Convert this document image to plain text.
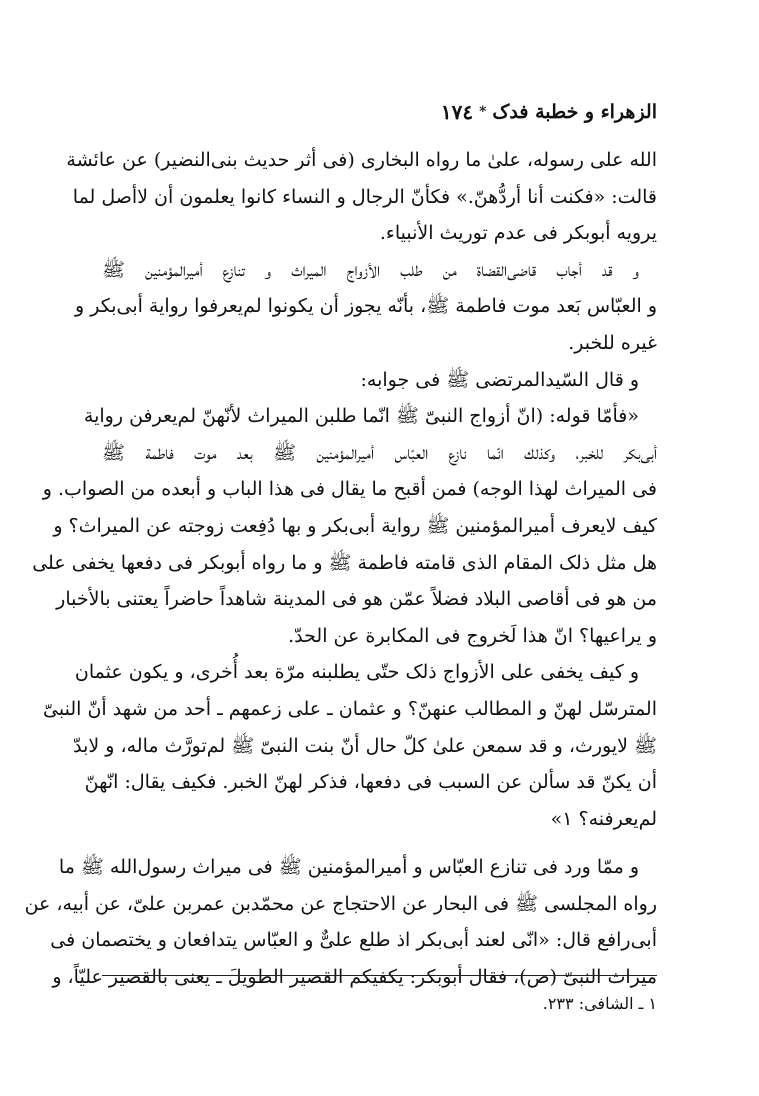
الزهراء و خطبة فدک*١٧٤
الله على رسوله، علىٰ ما رواه البخارى (فى أثر حديث بنى‌النضير) عن عائشة
قالت: «فكنت أنا أردُّهنّ.» فكأنّ الرجال و النساء كانوا يعلمون أن لاأصل لما
يرويه أبوبكر فى عدم توريث الأنبياء.
و قد أجاب قاضى‌القضاة من طلب الأزواج الميراث و تنازع أميرالمؤمنين ﷺ
و العبّاس بَعد موت فاطمة ﷺ، بأنّه يجوز أن يكونوا لم‌يعرفوا رواية أبى‌بكر و
غيره للخبر.
و قال السّيدالمرتضى ﷺ فى جوابه:
«فأمّا قوله: (انّ أزواج النبىّ ﷺ انّما طلبن الميراث لأنّهنّ لم‌يعرفن رواية
أبى‌بكر للخبر، وكذلك انّما نازع العبّاس أميرالمؤمنين ﷺ بعد موت فاطمة ﷺ
فى الميراث لهذا الوجه) فمن أقبح ما يقال فى هذا الباب و أبعده من الصواب. و
كيف لايعرف أميرالمؤمنين ﷺ رواية أبى‌بكر و بها دُفِعت زوجته عن الميراث؟ و
هل مثل ذلک المقام الذى قامته فاطمة ﷺ و ما رواه أبوبكر فى دفعها يخفى على
من هو فى أقاصى البلاد فضلاً عمّن هو فى المدينة شاهداً حاضراً يعتنى بالأخبار
و يراعيها؟ انّ هذا لَخروج فى المكابرة عن الحدّ.
و كيف يخفى على الأزواج ذلک حتّى يطلبنه مرّة بعد أُخرى، و يكون عثمان
المترسّل لهنّ و المطالب عنهنّ؟ و عثمان ـ على زعمهم ـ أحد من شهد أنّ النبىّ
ﷺ لايورث، و قد سمعن علىٰ كلّ حال أنّ بنت النبىّ ﷺ لم‌تورَّث ماله، و لابدّ
أن يكنّ قد سألن عن السبب فى دفعها، فذكر لهنّ الخبر. فكيف يقال: انّهنّ
لم‌يعرفنه؟ ١»
و ممّا ورد فى تنازع العبّاس و أميرالمؤمنين ﷺ فى ميراث رسول‌الله ﷺ ما
رواه المجلسى ﷺ فى البحار عن الاحتجاج عن محمّدبن عمربن علىّ، عن أبيه، عن
أبى‌رافع قال: «انّى لعند أبى‌بكر اذ طلع علىٌّ و العبّاس يتدافعان و يختصمان فى
ميراث النبىّ (ص)، فقال أبوبكر: يكفيكم القصير الطويلَ ـ يعنى بالقصير عليّاً، و
١ ـ الشافى: ٢٣٣.
